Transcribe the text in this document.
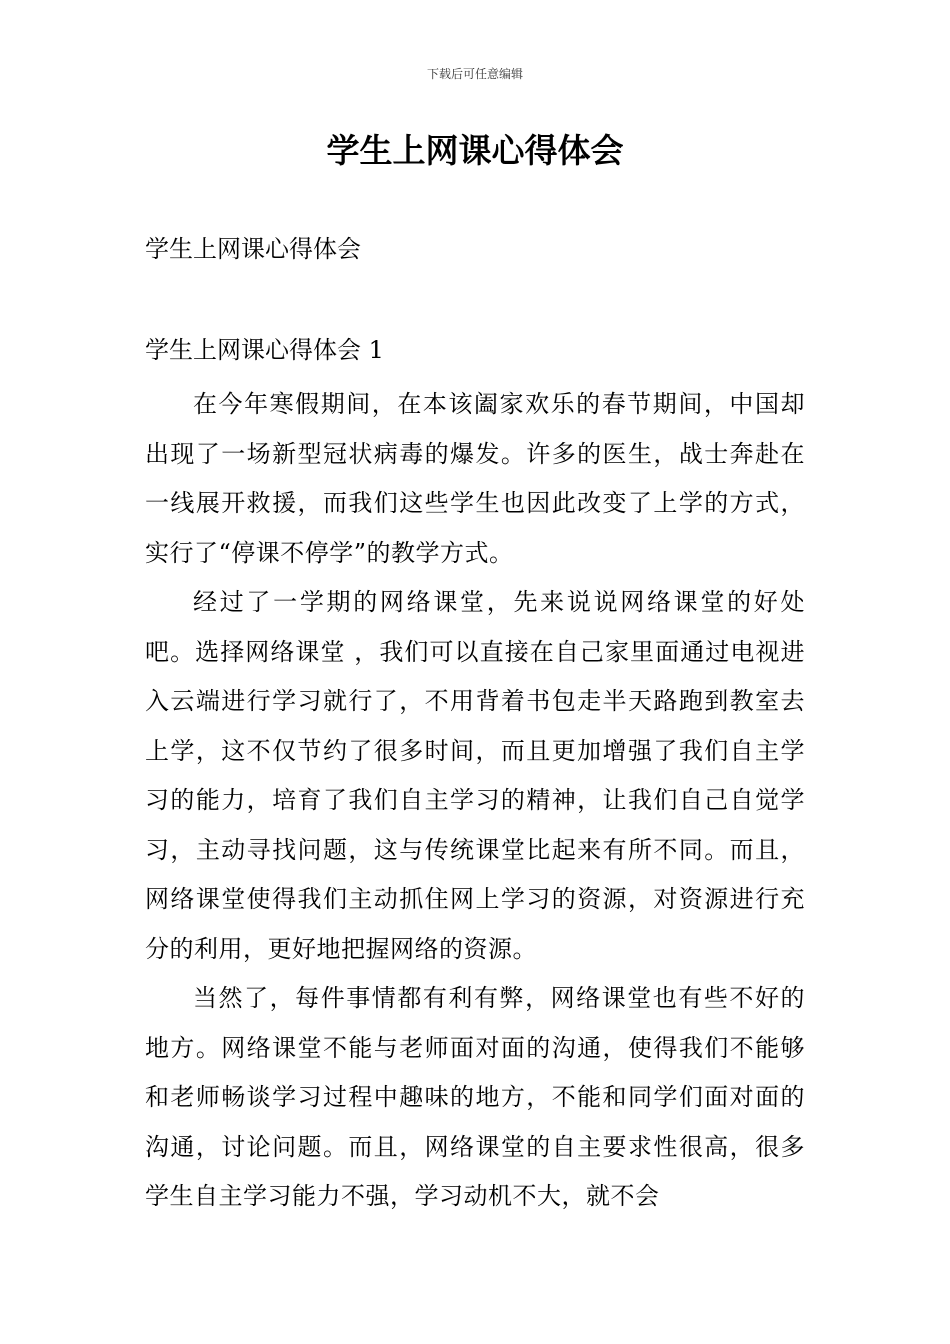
下载后可任意编辑
学生上网课心得体会
学生上网课心得体会
学生上网课心得体会 1

在今年寒假期间，在本该阖家欢乐的春节期间，中国却出现了一场新型冠状病毒的爆发。许多的医生，战士奔赴在一线展开救援，而我们这些学生也因此改变了上学的方式，实行了“停课不停学”的教学方式。

经过了一学期的网络课堂，先来说说网络课堂的好处吧。选择网络课堂 ，我们可以直接在自己家里面通过电视进入云端进行学习就行了，不用背着书包走半天路跑到教室去上学，这不仅节约了很多时间，而且更加增强了我们自主学习的能力，培育了我们自主学习的精神，让我们自己自觉学习，主动寻找问题，这与传统课堂比起来有所不同。而且，网络课堂使得我们主动抓住网上学习的资源，对资源进行充分的利用，更好地把握网络的资源。

当然了，每件事情都有利有弊，网络课堂也有些不好的地方。网络课堂不能与老师面对面的沟通，使得我们不能够和老师畅谈学习过程中趣味的地方，不能和同学们面对面的沟通，讨论问题。而且，网络课堂的自主要求性很高，很多学生自主学习能力不强，学习动机不大，就不会
